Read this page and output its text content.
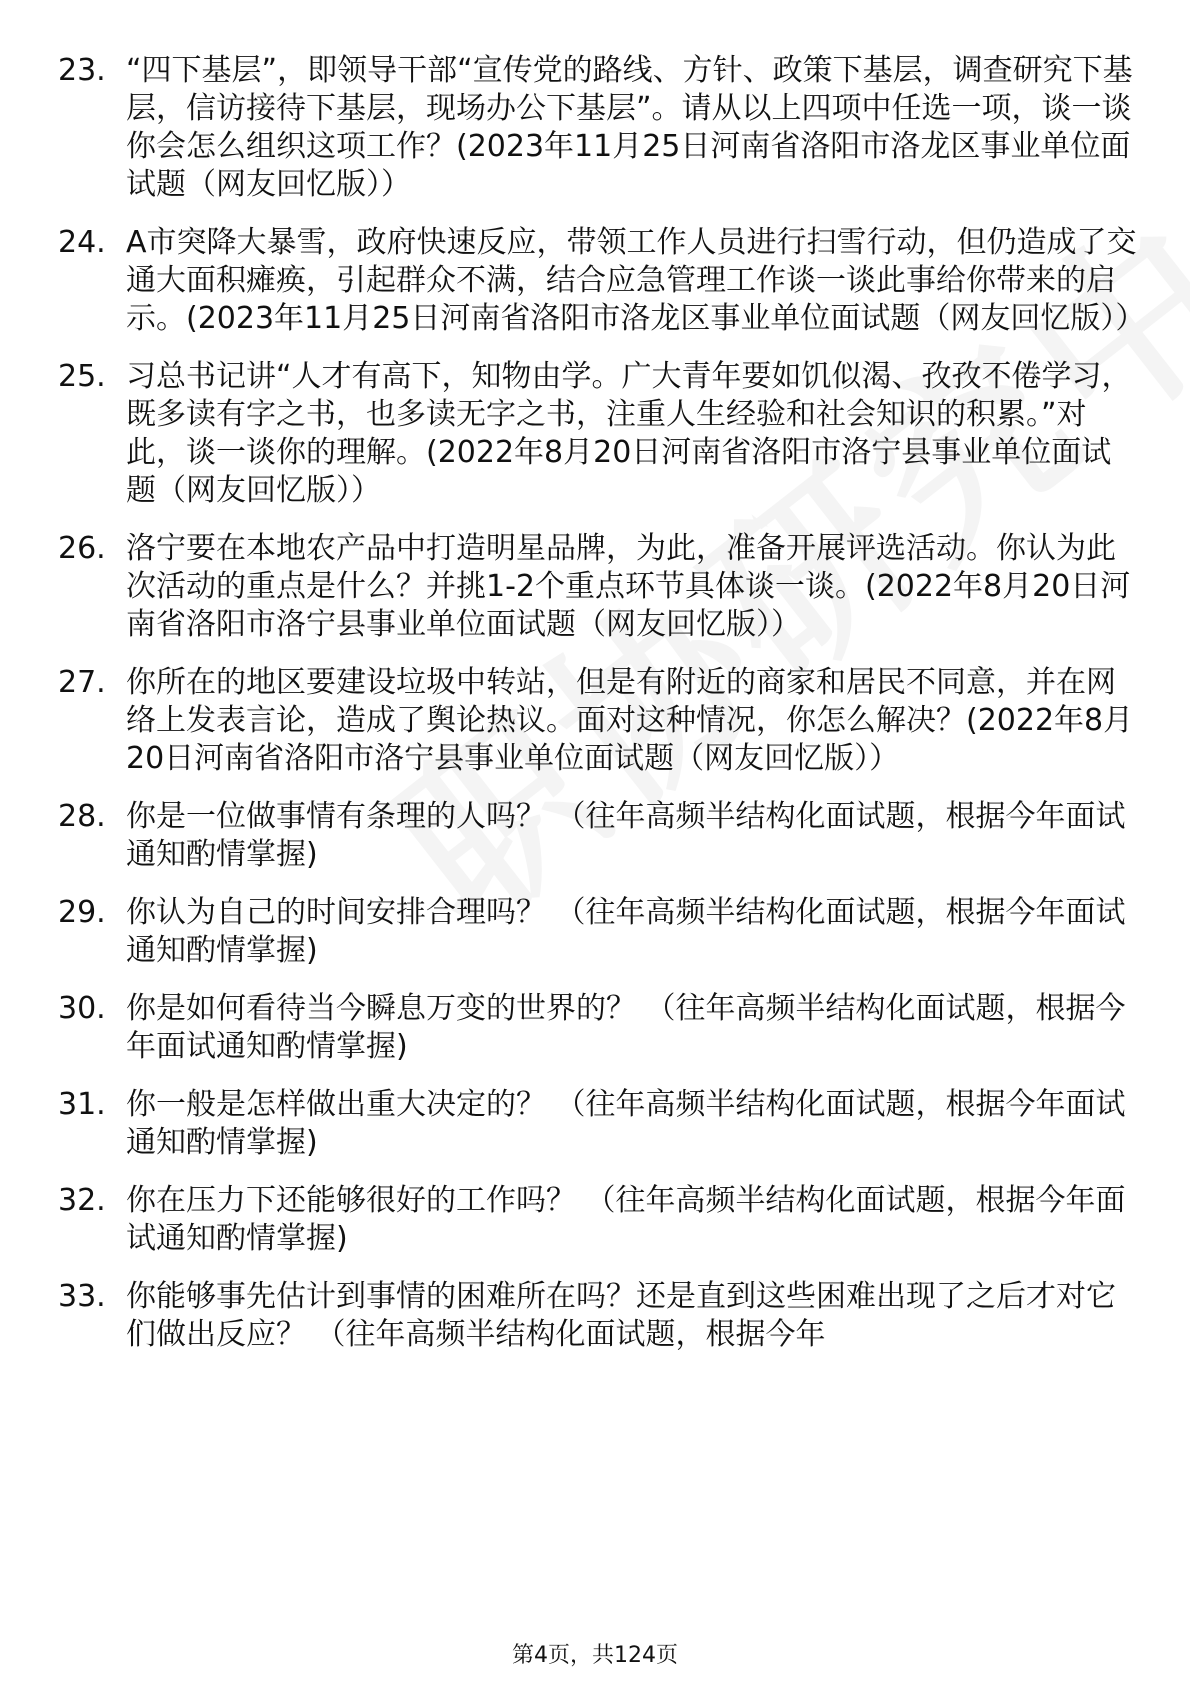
23. “四下基层”，即领导干部“宣传党的路线、方针、政策下基层，调查研究下基层，信访接待下基层，现场办公下基层”。请从以上四项中任选一项，谈一谈你会怎么组织这项工作？(2023年11月25日河南省洛阳市洛龙区事业单位面试题（网友回忆版））
24. A市突降大暴雪，政府快速反应，带领工作人员进行扫雪行动，但仍造成了交通大面积瘫痪，引起群众不满，结合应急管理工作谈一谈此事给你带来的启示。(2023年11月25日河南省洛阳市洛龙区事业单位面试题（网友回忆版））
25. 习总书记讲“人才有高下，知物由学。广大青年要如饥似渴、孜孜不倦学习，既多读有字之书，也多读无字之书，注重人生经验和社会知识的积累。”对此，谈一谈你的理解。(2022年8月20日河南省洛阳市洛宁县事业单位面试题（网友回忆版））
26. 洛宁要在本地农产品中打造明星品牌，为此，准备开展评选活动。你认为此次活动的重点是什么？并挑1-2个重点环节具体谈一谈。(2022年8月20日河南省洛阳市洛宁县事业单位面试题（网友回忆版））
27. 你所在的地区要建设垃圾中转站，但是有附近的商家和居民不同意，并在网络上发表言论，造成了舆论热议。面对这种情况，你怎么解决？(2022年8月20日河南省洛阳市洛宁县事业单位面试题（网友回忆版））
28. 你是一位做事情有条理的人吗？ （往年高频半结构化面试题，根据今年面试通知酌情掌握)
29. 你认为自己的时间安排合理吗？ （往年高频半结构化面试题，根据今年面试通知酌情掌握)
30. 你是如何看待当今瞬息万变的世界的？ （往年高频半结构化面试题，根据今年面试通知酌情掌握)
31. 你一般是怎样做出重大决定的？ （往年高频半结构化面试题，根据今年面试通知酌情掌握)
32. 你在压力下还能够很好的工作吗？ （往年高频半结构化面试题，根据今年面试通知酌情掌握)
33. 你能够事先估计到事情的困难所在吗？还是直到这些困难出现了之后才对它们做出反应？ （往年高频半结构化面试题，根据今年
第4页，共124页
